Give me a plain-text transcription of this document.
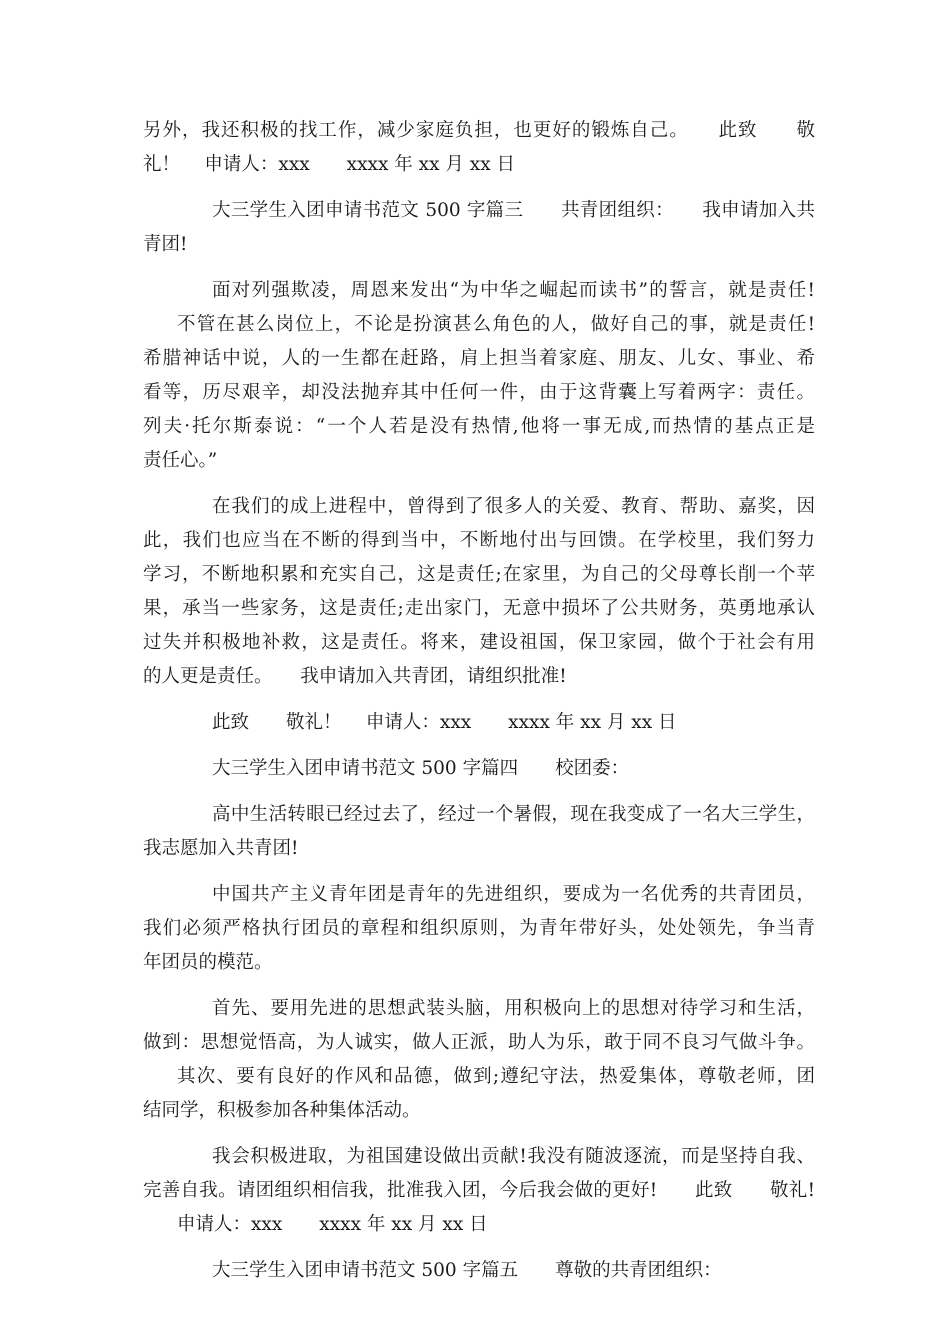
另外，我还积极的找工作，减少家庭负担，也更好的锻炼自己。　　此致　　敬
礼！　 申请人：xxx　　xxxx 年 xx 月 xx 日
大三学生入团申请书范文 500 字篇三　　共青团组织：　　我申请加入共
青团!
面对列强欺凌，周恩来发出“为中华之崛起而读书”的誓言，就是责任!
不管在甚么岗位上，不论是扮演甚么角色的人，做好自己的事，就是责任!
希腊神话中说，人的一生都在赶路，肩上担当着家庭、朋友、儿女、事业、希
看等，历尽艰辛，却没法抛弃其中任何一件，由于这背囊上写着两字：责任。
列夫·托尔斯泰说：“一个人若是没有热情,他将一事无成,而热情的基点正是
责任心。”
在我们的成上进程中，曾得到了很多人的关爱、教育、帮助、嘉奖，因
此，我们也应当在不断的得到当中，不断地付出与回馈。在学校里，我们努力
学习，不断地积累和充实自己，这是责任;在家里，为自己的父母尊长削一个苹
果，承当一些家务，这是责任;走出家门，无意中损坏了公共财务，英勇地承认
过失并积极地补救，这是责任。将来，建设祖国，保卫家园，做个于社会有用
的人更是责任。　　我申请加入共青团，请组织批准!
此致　　敬礼！　 申请人：xxx　　xxxx 年 xx 月 xx 日
大三学生入团申请书范文 500 字篇四　　校团委：
高中生活转眼已经过去了，经过一个暑假，现在我变成了一名大三学生，
我志愿加入共青团!
中国共产主义青年团是青年的先进组织，要成为一名优秀的共青团员，
我们必须严格执行团员的章程和组织原则，为青年带好头，处处领先，争当青
年团员的模范。
首先、要用先进的思想武装头脑，用积极向上的思想对待学习和生活，
做到：思想觉悟高，为人诚实，做人正派，助人为乐，敢于同不良习气做斗争。
其次、要有良好的作风和品德，做到;遵纪守法，热爱集体，尊敬老师，团
结同学，积极参加各种集体活动。
我会积极进取，为祖国建设做出贡献!我没有随波逐流，而是坚持自我、
完善自我。请团组织相信我，批准我入团，今后我会做的更好!　　此致　　敬礼!
申请人：xxx　　xxxx 年 xx 月 xx 日
大三学生入团申请书范文 500 字篇五　　尊敬的共青团组织：
